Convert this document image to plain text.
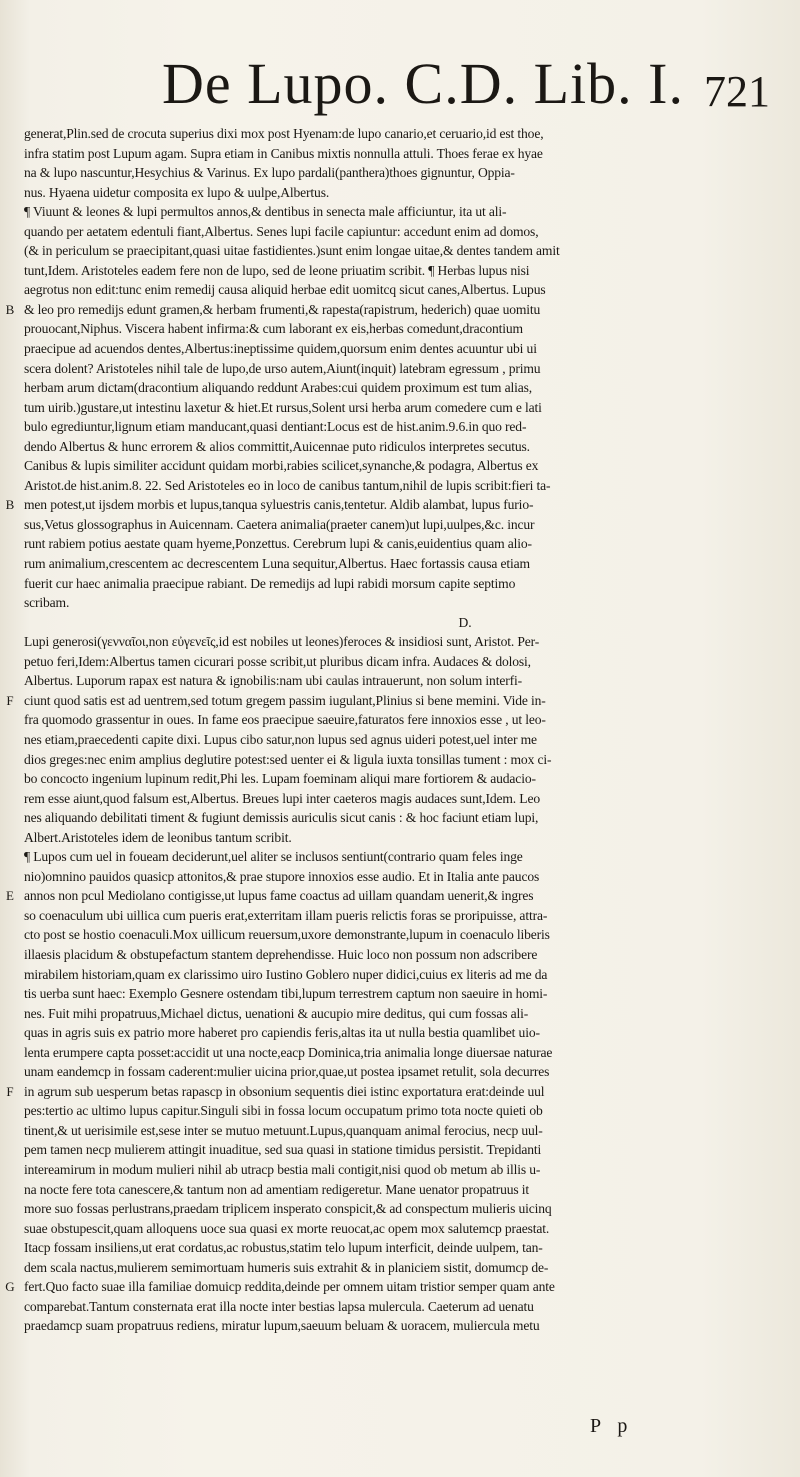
De Lupo. C.D. Lib. I. 721
generat,Plin.sed de crocuta superius dixi mox post Hyenam:de lupo canario,et ceruario,id est thoe,
infra statim post Lupum agam. Supra etiam in Canibus mixtis nonnulla attuli. Thoes ferae ex hyae
na & lupo nascuntur,Hesychius & Varinus. Ex lupo pardali(panthera)thoes gignuntur, Oppia-
nus. Hyaena uidetur composita ex lupo & uulpe,Albertus.
¶ Viuunt & leones & lupi permultos annos,& dentibus in senecta male afficiuntur, ita ut ali-
quando per aetatem edentuli fiant,Albertus. Senes lupi facile capiuntur: accedunt enim ad domos,
(& in periculum se praecipitant,quasi uitae fastidientes.)sunt enim longae uitae,& dentes tandem amit
tunt,Idem. Aristoteles eadem fere non de lupo, sed de leone priuatim scribit. ¶ Herbas lupus nisi
aegrotus non edit:tunc enim remedij causa aliquid herbae edit uomitcq sicut canes,Albertus. Lupus
& leo pro remedijs edunt gramen,& herbam frumenti,& rapesta(rapistrum, hederich) quae uomitu
prouocant,Niphus. Viscera habent infirma:& cum laborant ex eis,herbas comedunt,dracontium
praecipue ad acuendos dentes,Albertus:ineptissime quidem,quorsum enim dentes acuuntur ubi ui
scera dolent? Aristoteles nihil tale de lupo,de urso autem,Aiunt(inquit) latebram egressum , primu
herbam arum dictam(dracontium aliquando reddunt Arabes:cui quidem proximum est tum alias,
tum uirib.)gustare,ut intestinu laxetur & hiet.Et rursus,Solent ursi herba arum comedere cum e lati
bulo egrediuntur,lignum etiam manducant,quasi dentiant:Locus est de hist.anim.9.6.in quo red-
dendo Albertus & hunc errorem & alios committit,Auicennae puto ridiculos interpretes secutus.
Canibus & lupis similiter accidunt quidam morbi,rabies scilicet,synanche,& podagra, Albertus ex
Aristot.de hist.anim.8. 22. Sed Aristoteles eo in loco de canibus tantum,nihil de lupis scribit:fieri ta-
men potest,ut ijsdem morbis et lupus,tanqua syluestris canis,tentetur. Aldib alambat, lupus furio-
sus,Vetus glossographus in Auicennam. Caetera animalia(praeter canem)ut lupi,uulpes,&c. incur
runt rabiem potius aestate quam hyeme,Ponzettus. Cerebrum lupi & canis,euidentius quam alio-
rum animalium,crescentem ac decrescentem Luna sequitur,Albertus. Haec fortassis causa etiam
fuerit cur haec animalia praecipue rabiant. De remedijs ad lupi rabidi morsum capite septimo
scribam.
D.
Lupi generosi(γενναῖοι,non εὐγενεῖς,id est nobiles ut leones)feroces & insidiosi sunt, Aristot. Per-
petuo feri,Idem:Albertus tamen cicurari posse scribit,ut pluribus dicam infra. Audaces & dolosi,
Albertus. Luporum rapax est natura & ignobilis:nam ubi caulas intrauerunt, non solum interfi-
ciunt quod satis est ad uentrem,sed totum gregem passim iugulant,Plinius si bene memini. Vide in-
fra quomodo grassentur in oues. In fame eos praecipue saeuire,faturatos fere innoxios esse , ut leo-
nes etiam,praecedenti capite dixi. Lupus cibo satur,non lupus sed agnus uideri potest,uel inter me
dios greges:nec enim amplius deglutire potest:sed uenter ei & ligula iuxta tonsillas tument : mox ci-
bo concocto ingenium lupinum redit,Phi les. Lupam foeminam aliqui mare fortiorem & audacio-
rem esse aiunt,quod falsum est,Albertus. Breues lupi inter caeteros magis audaces sunt,Idem. Leo
nes aliquando debilitati timent & fugiunt demissis auriculis sicut canis : & hoc faciunt etiam lupi,
Albert.Aristoteles idem de leonibus tantum scribit.
¶ Lupos cum uel in foueam deciderunt,uel aliter se inclusos sentiunt(contrario quam feles inge
nio)omnino pauidos quasicp attonitos,& prae stupore innoxios esse audio. Et in Italia ante paucos
annos non pcul Mediolano contigisse,ut lupus fame coactus ad uillam quandam uenerit,& ingres
so coenaculum ubi uillica cum pueris erat,exterritam illam pueris relictis foras se proripuisse, attra-
cto post se hostio coenaculi.Mox uillicum reuersum,uxore demonstrante,lupum in coenaculo liberis
illaesis placidum & obstupefactum stantem deprehendisse. Huic loco non possum non adscribere
mirabilem historiam,quam ex clarissimo uiro Iustino Goblero nuper didici,cuius ex literis ad me da
tis uerba sunt haec: Exemplo Gesnere ostendam tibi,lupum terrestrem captum non saeuire in homi-
nes. Fuit mihi propatruus,Michael dictus, uenationi & aucupio mire deditus, qui cum fossas ali-
quas in agris suis ex patrio more haberet pro capiendis feris,altas ita ut nulla bestia quamlibet uio-
lenta erumpere capta posset:accidit ut una nocte,eacp Dominica,tria animalia longe diuersae naturae
unam eandemcp in fossam caderent:mulier uicina prior,quae,ut postea ipsamet retulit, sola decurres
in agrum sub uesperum betas rapascp in obsonium sequentis diei istinc exportatura erat:deinde uul
pes:tertio ac ultimo lupus capitur.Singuli sibi in fossa locum occupatum primo tota nocte quieti ob
tinent,& ut uerisimile est,sese inter se mutuo metuunt.Lupus,quanquam animal ferocius, necp uul-
pem tamen necp mulierem attingit inuaditue, sed sua quasi in statione timidus persistit. Trepidanti
intereamirum in modum mulieri nihil ab utracp bestia mali contigit,nisi quod ob metum ab illis u-
na nocte fere tota canescere,& tantum non ad amentiam redigeretur. Mane uenator propatruus it
more suo fossas perlustrans,praedam triplicem insperato conspicit,& ad conspectum mulieris uicinq
suae obstupescit,quam alloquens uoce sua quasi ex morte reuocat,ac opem mox salutemcp praestat.
Itacp fossam insiliens,ut erat cordatus,ac robustus,statim telo lupum interficit, deinde uulpem, tan-
dem scala nactus,mulierem semimortuam humeris suis extrahit & in planiciem sistit, domumcp de-
fert.Quo facto suae illa familiae domuicp reddita,deinde per omnem uitam tristior semper quam ante
comparebat.Tantum consternata erat illa nocte inter bestias lapsa mulercula. Caeterum ad uenatu
praedamcp suam propatruus rediens, miratur lupum,saeuum beluam & uoracem, muliercula metu
P p
B
B
F
E
F
G
